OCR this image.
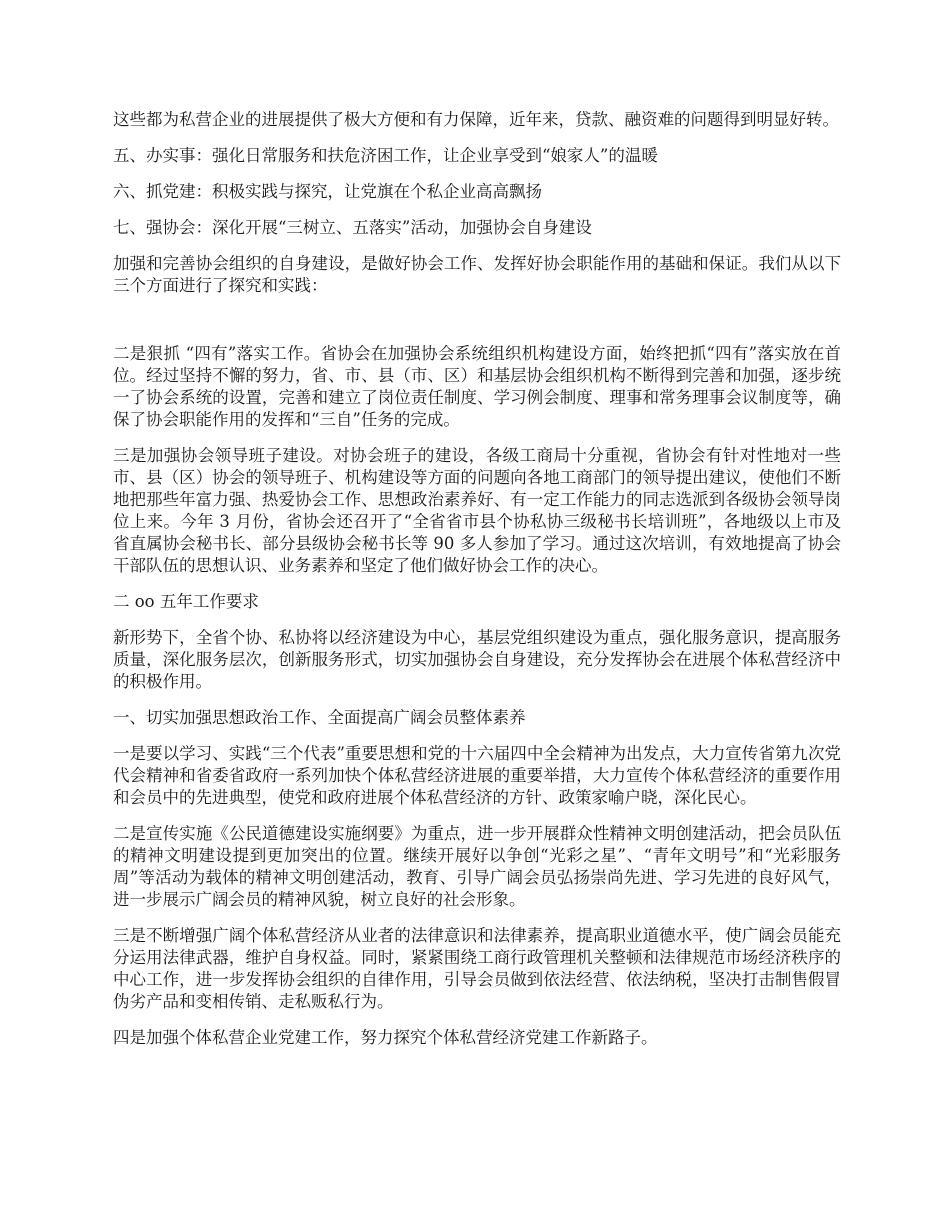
这些都为私营企业的进展提供了极大方便和有力保障，近年来，贷款、融资难的问题得到明显好转。

五、办实事：强化日常服务和扶危济困工作，让企业享受到“娘家人”的温暖

六、抓党建：积极实践与探究，让党旗在个私企业高高飘扬

七、强协会：深化开展“三树立、五落实”活动，加强协会自身建设

加强和完善协会组织的自身建设，是做好协会工作、发挥好协会职能作用的基础和保证。我们从以下三个方面进行了探究和实践：

二是狠抓 “四有”落实工作。省协会在加强协会系统组织机构建设方面，始终把抓“四有”落实放在首位。经过坚持不懈的努力，省、市、县（市、区）和基层协会组织机构不断得到完善和加强，逐步统一了协会系统的设置，完善和建立了岗位责任制度、学习例会制度、理事和常务理事会议制度等，确保了协会职能作用的发挥和“三自”任务的完成。

三是加强协会领导班子建设。对协会班子的建设，各级工商局十分重视，省协会有针对性地对一些市、县（区）协会的领导班子、机构建设等方面的问题向各地工商部门的领导提出建议，使他们不断地把那些年富力强、热爱协会工作、思想政治素养好、有一定工作能力的同志选派到各级协会领导岗位上来。今年 3 月份，省协会还召开了“全省省市县个协私协三级秘书长培训班”，各地级以上市及省直属协会秘书长、部分县级协会秘书长等 90 多人参加了学习。通过这次培训，有效地提高了协会干部队伍的思想认识、业务素养和坚定了他们做好协会工作的决心。

二 oo 五年工作要求

新形势下，全省个协、私协将以经济建设为中心，基层党组织建设为重点，强化服务意识，提高服务质量，深化服务层次，创新服务形式，切实加强协会自身建设，充分发挥协会在进展个体私营经济中的积极作用。

一、切实加强思想政治工作、全面提高广阔会员整体素养

一是要以学习、实践“三个代表”重要思想和党的十六届四中全会精神为出发点，大力宣传省第九次党代会精神和省委省政府一系列加快个体私营经济进展的重要举措，大力宣传个体私营经济的重要作用和会员中的先进典型，使党和政府进展个体私营经济的方针、政策家喻户晓，深化民心。

二是宣传实施《公民道德建设实施纲要》为重点，进一步开展群众性精神文明创建活动，把会员队伍的精神文明建设提到更加突出的位置。继续开展好以争创“光彩之星”、“青年文明号”和“光彩服务周”等活动为载体的精神文明创建活动，教育、引导广阔会员弘扬崇尚先进、学习先进的良好风气，进一步展示广阔会员的精神风貌，树立良好的社会形象。

三是不断增强广阔个体私营经济从业者的法律意识和法律素养，提高职业道德水平，使广阔会员能充分运用法律武器，维护自身权益。同时，紧紧围绕工商行政管理机关整顿和法律规范市场经济秩序的中心工作，进一步发挥协会组织的自律作用，引导会员做到依法经营、依法纳税，坚决打击制售假冒伪劣产品和变相传销、走私贩私行为。

四是加强个体私营企业党建工作，努力探究个体私营经济党建工作新路子。
